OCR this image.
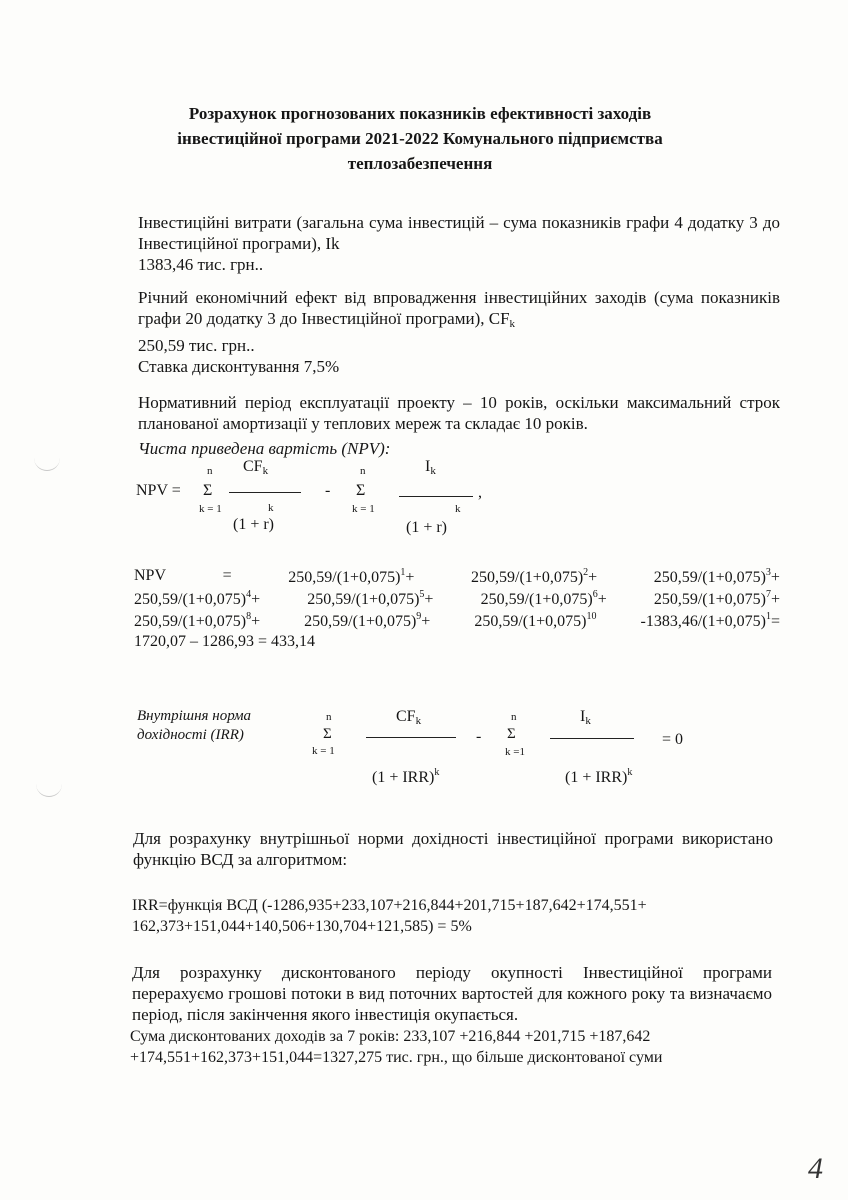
Розрахунок прогнозованих показників ефективності заходів
інвестиційної програми 2021-2022 Комунального підприємства
теплозабезпечення
Інвестиційні витрати (загальна сума інвестицій – сума показників графи 4 додатку 3 до Інвестиційної програми), Ik
1383,46 тис. грн..
Річний економічний ефект від впровадження інвестиційних заходів (сума показників графи 20 додатку 3 до Інвестиційної програми), $CF_k$
250,59 тис. грн..
Ставка дисконтування 7,5%
Нормативний період експлуатації проекту – 10 років, оскільки максимальний строк планованої амортизації у теплових мереж та складає 10 років.
Чиста приведена вартість (NPV):
NPV =
n
Σ
k = 1
$CF_k$
k
(1 + r)
-
n
Σ
k = 1
$I_k$
k
,
(1 + r)
NPV	=	$250,59/(1+0,075)^1+$	$250,59/(1+0,075)^2+$	$250,59/(1+0,075)^3+$
$250,59/(1+0,075)^4+$	$250,59/(1+0,075)^5+$	$250,59/(1+0,075)^6+$	$250,59/(1+0,075)^7+$
$250,59/(1+0,075)^8+$	$250,59/(1+0,075)^9+$	$250,59/(1+0,075)^{10}$	$-1383,46/(1+0,075)^1=$
1720,07 – 1286,93 = 433,14
Внутрішня норма
дохідності (IRR)
n
Σ
k = 1
$CF_k$
(1 + IRR)$^k$
-
n
Σ
k =1
$I_k$
= 0
(1 + IRR)$^k$
Для розрахунку внутрішньої норми дохідності інвестиційної програми використано функцію ВСД за алгоритмом:
IRR=функція ВСД (-1286,935+233,107+216,844+201,715+187,642+174,551+
162,373+151,044+140,506+130,704+121,585) = 5%
Для розрахунку дисконтованого періоду окупності Інвестиційної програми перерахуємо грошові потоки в вид поточних вартостей для кожного року та визначаємо період, після закінчення якого інвестиція окупається.
Сума дисконтованих доходів за 7 років: 233,107 +216,844 +201,715 +187,642
+174,551+162,373+151,044=1327,275 тис. грн., що більше дисконтованої суми
4
